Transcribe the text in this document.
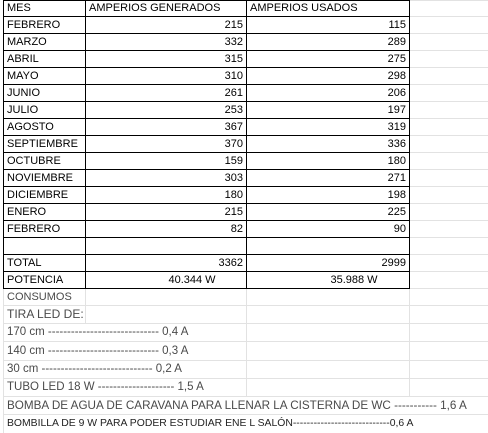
MES	AMPERIOS GENERADOS	AMPERIOS USADOS	
FEBRERO	215	115	
MARZO	332	289	
ABRIL	315	275	
MAYO	310	298	
JUNIO	261	206	
JULIO	253	197	
AGOSTO	367	319	
SEPTIEMBRE	370	336	
OCTUBRE	159	180	
NOVIEMBRE	303	271	
DICIEMBRE	180	198	
ENERO	215	225	
FEBRERO	82	90	

TOTAL	3362	2999	
POTENCIA	40.344 W	35.988 W	
CONSUMOS			
TIRA LED DE:			
170 cm ----------------------------- 0,4 A			
140 cm ----------------------------- 0,3 A			
30 cm ----------------------------- 0,2 A			
TUBO LED 18 W -------------------- 1,5 A			
BOMBA DE AGUA DE CARAVANA PARA LLENAR LA CISTERNA DE WC ----------- 1,6 A			
BOMBILLA DE 9 W PARA PODER ESTUDIAR ENE L SALÓN----------------------------0,6 A			
